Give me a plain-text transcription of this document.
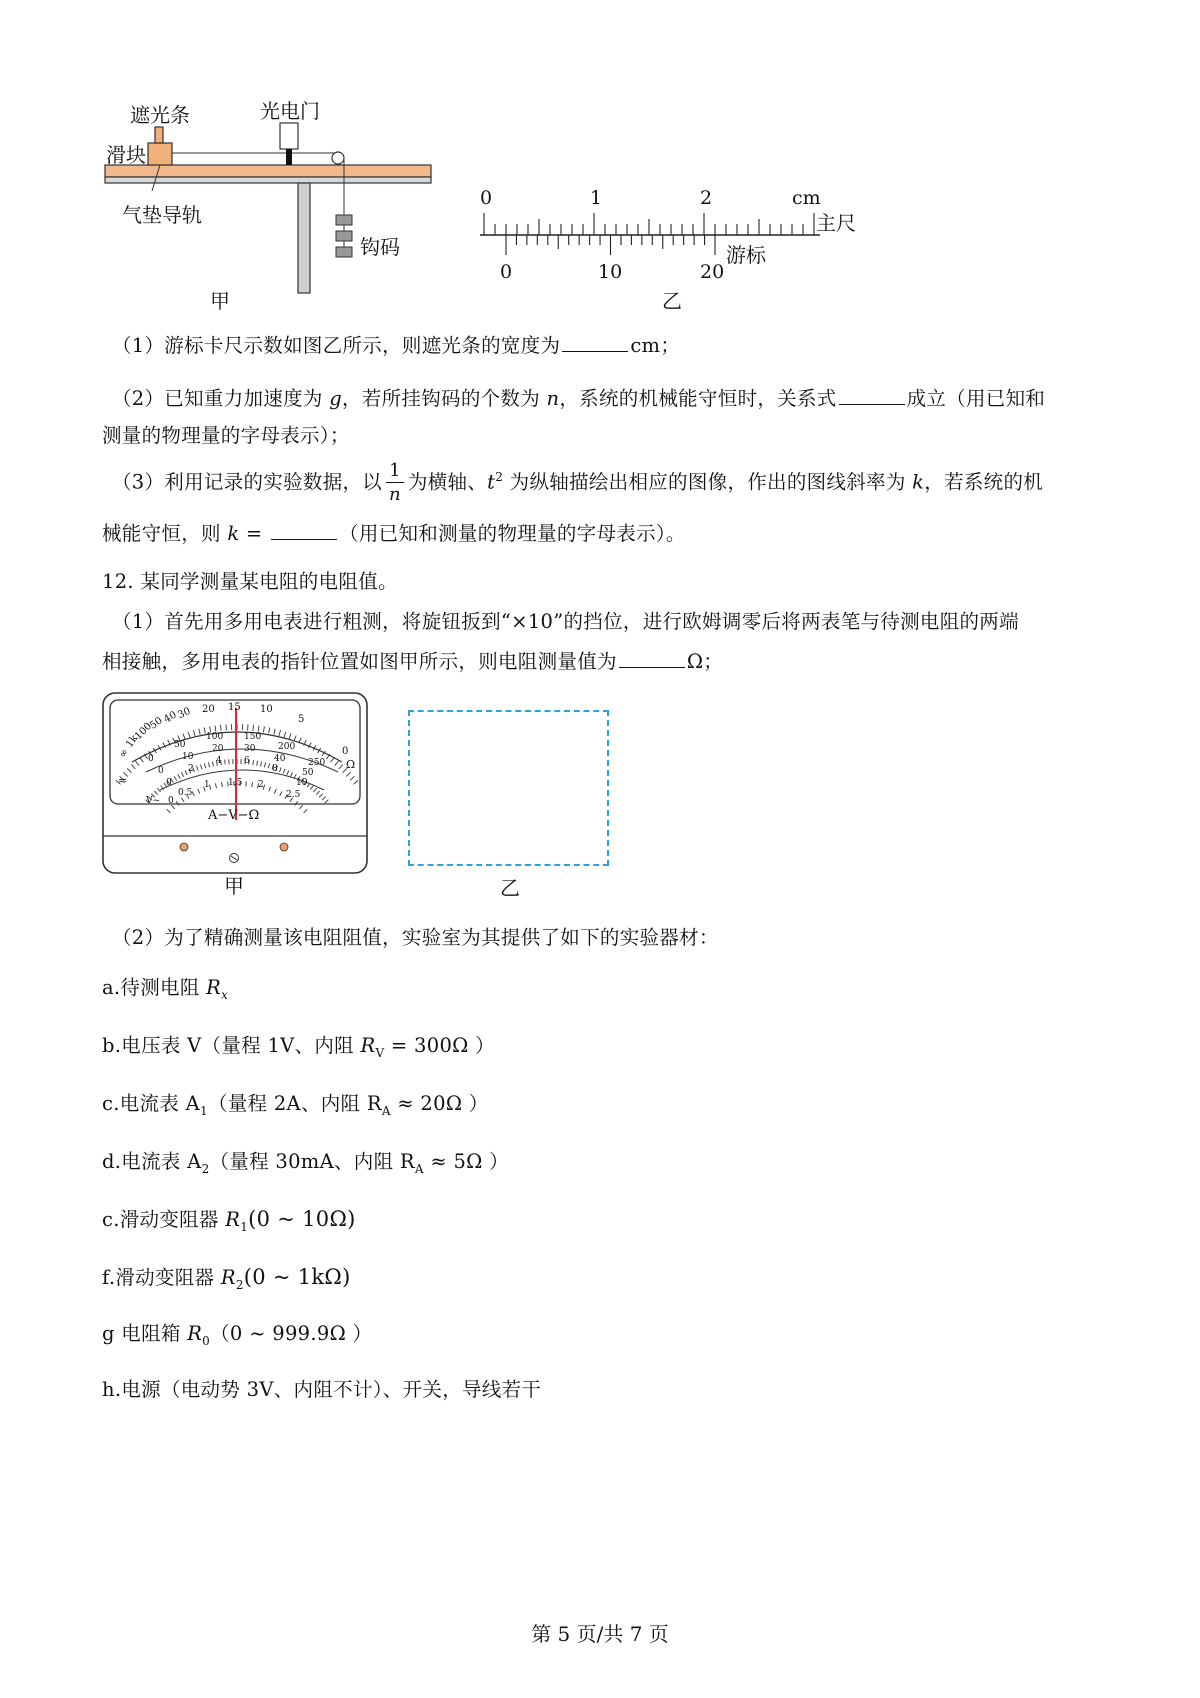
遮光条	光电门
滑块
气垫导轨
钩码
甲
0	1	2	cm
主尺
0	10	20
游标
乙
（1）游标卡尺示数如图乙所示，则遮光条的宽度为	cm；
（2）已知重力加速度为 g，若所挂钩码的个数为 n，系统的机械能守恒时，关系式	成立（用已知和
测量的物理量的字母表示）；
（3）利用记录的实验数据，以 $\frac{1}{n}$ 为横轴、$t^2$ 为纵轴描绘出相应的图像，作出的图线斜率为 k，若系统的机
械能守恒，则 k =	（用已知和测量的物理量的字母表示）。
12. 某同学测量某电阻的电阻值。
（1）首先用多用电表进行粗测，将旋钮扳到“×10”的挡位，进行欧姆调零后将两表笔与待测电阻的两端
相接触，多用电表的指针位置如图甲所示，则电阻测量值为	Ω；
∞
1k
100
50
40
30 20 15 10
5
0
Ω
0
50
100 150
200
250
0
10
20 30
40
50
0
2
4 6
8
10
0
0.5
1 1.5 2
2.5
≂
V~
A−V−Ω
甲	乙
（2）为了精确测量该电阻阻值，实验室为其提供了如下的实验器材：
a.待测电阻 $R_x$
b.电压表 V（量程 1V、内阻 $R_V = 300\Omega$ ）
c.电流表 $A_1$（量程 2A、内阻 $R_A \approx 20\Omega$ ）
d.电流表 $A_2$（量程 30mA、内阻 $R_A \approx 5\Omega$ ）
c.滑动变阻器 $R_1(0$ ~ 10Ω)
f.滑动变阻器 $R_2(0$ ~ 1kΩ)
g 电阻箱 $R_0(0$ ~ 999.9Ω ）
h.电源（电动势 3V、内阻不计）、开关，导线若干
第 5 页/共 7 页
